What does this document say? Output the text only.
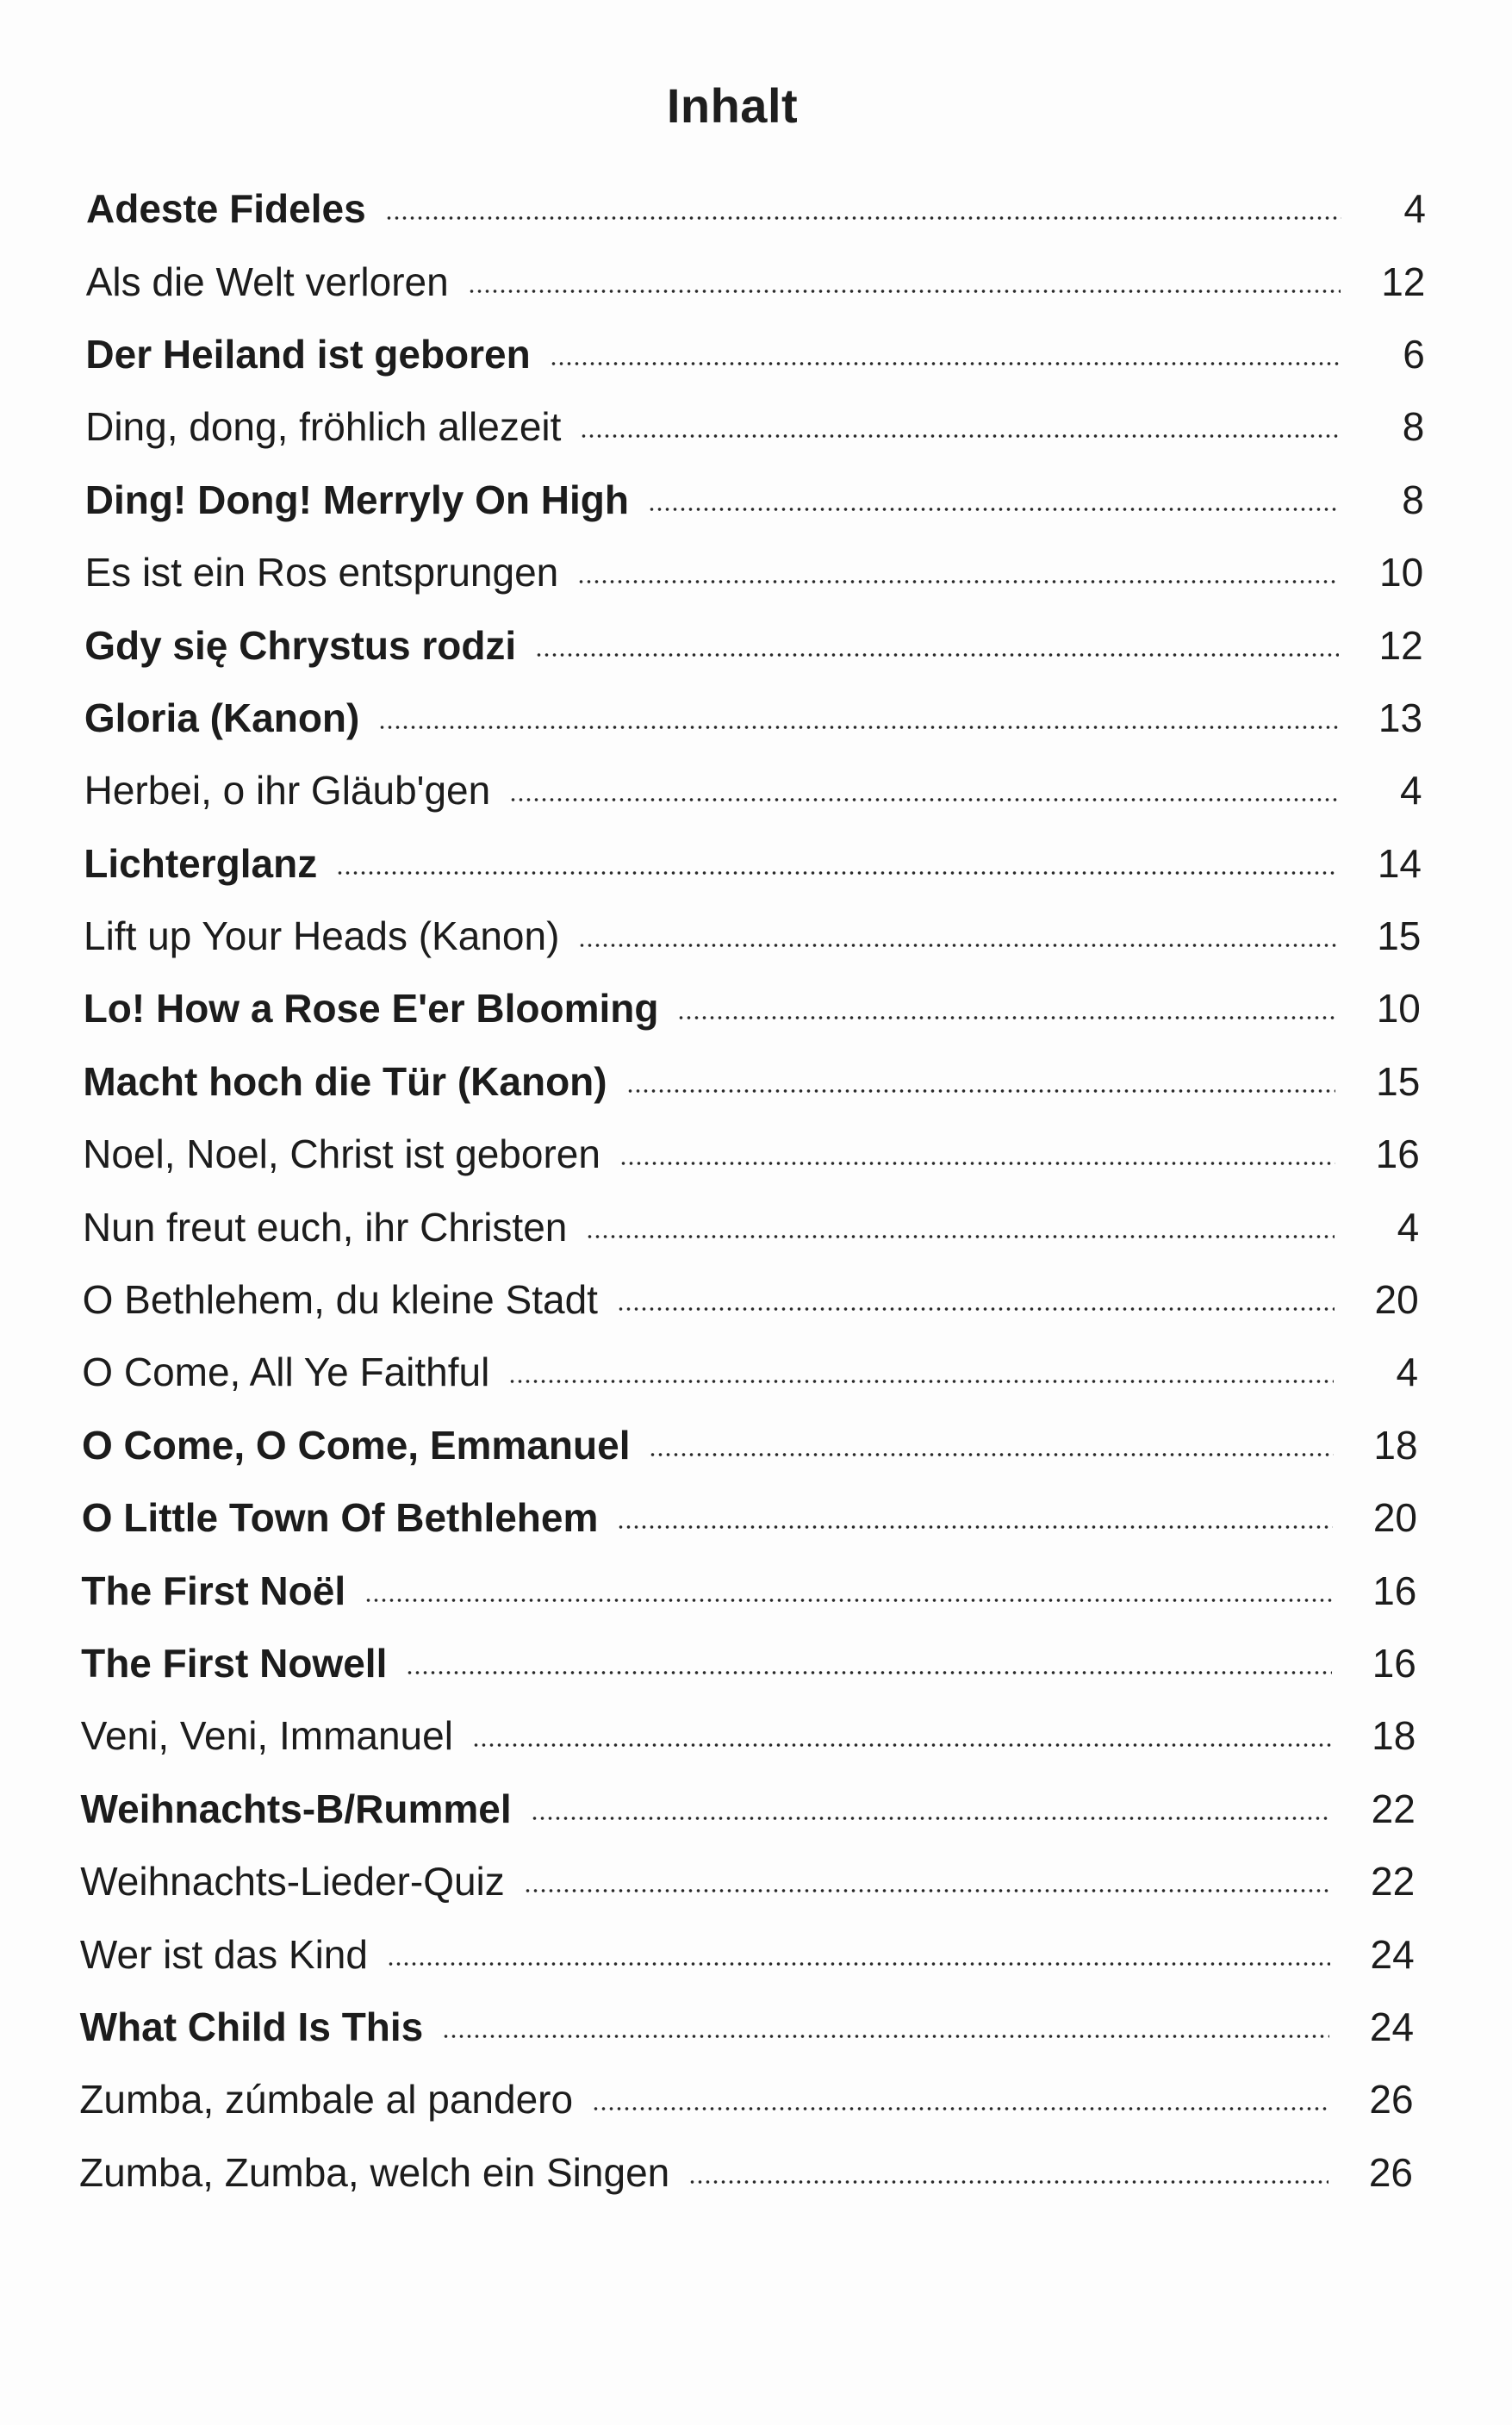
Inhalt
Adeste Fideles	4
Als die Welt verloren	12
Der Heiland ist geboren	6
Ding, dong, fröhlich allezeit	8
Ding! Dong! Merryly On High	8
Es ist ein Ros entsprungen	10
Gdy się Chrystus rodzi	12
Gloria (Kanon)	13
Herbei, o ihr Gläub'gen	4
Lichterglanz	14
Lift up Your Heads (Kanon)	15
Lo! How a Rose E'er Blooming	10
Macht hoch die Tür (Kanon)	15
Noel, Noel, Christ ist geboren	16
Nun freut euch, ihr Christen	4
O Bethlehem, du kleine Stadt	20
O Come, All Ye Faithful	4
O Come, O Come, Emmanuel	18
O Little Town Of Bethlehem	20
The First Noël	16
The First Nowell	16
Veni, Veni, Immanuel	18
Weihnachts-B/Rummel	22
Weihnachts-Lieder-Quiz	22
Wer ist das Kind	24
What Child Is This	24
Zumba, zúmbale al pandero	26
Zumba, Zumba, welch ein Singen	26
